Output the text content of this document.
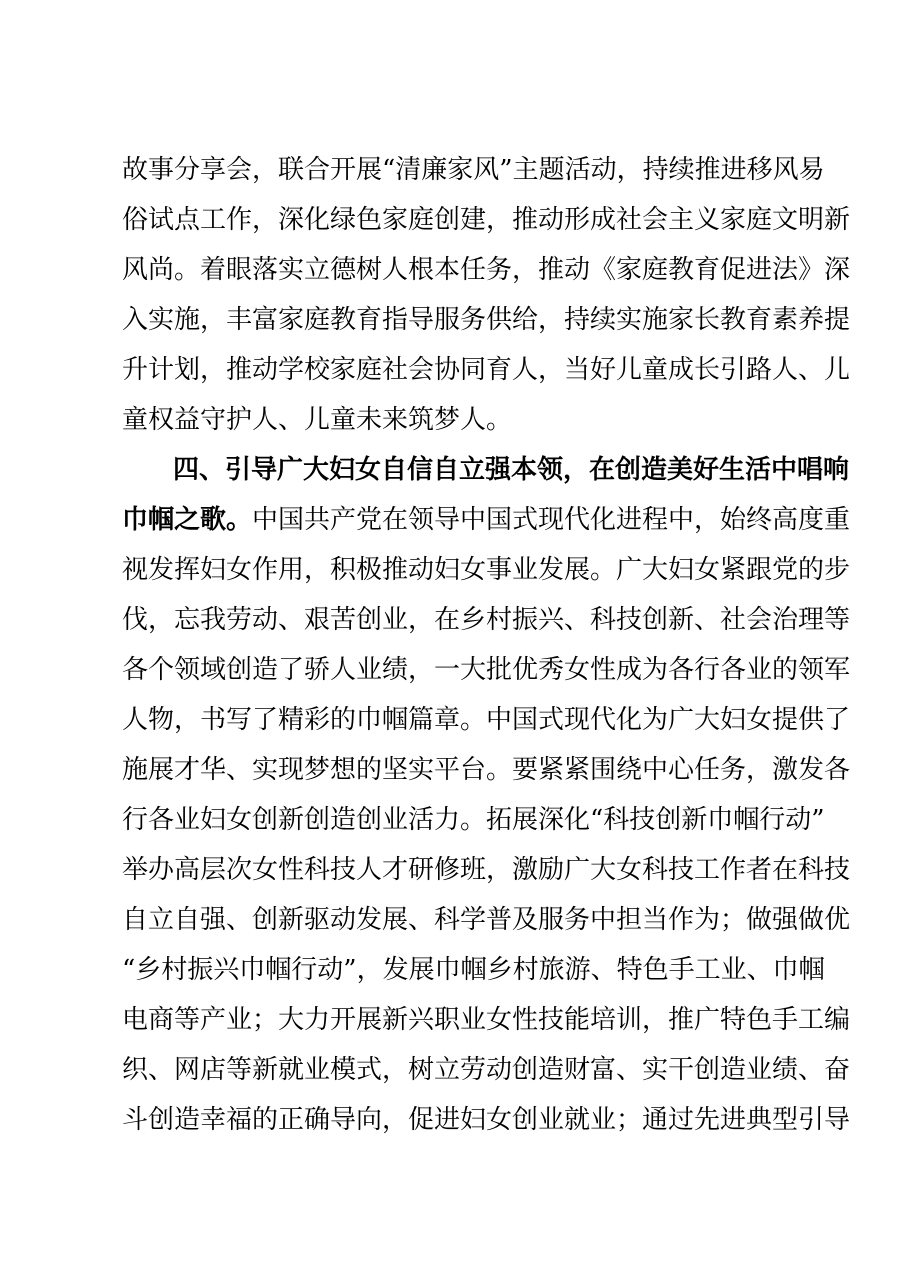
故事分享会，联合开展“清廉家风”主题活动，持续推进移风易
俗试点工作，深化绿色家庭创建，推动形成社会主义家庭文明新
风尚。着眼落实立德树人根本任务，推动《家庭教育促进法》深
入实施，丰富家庭教育指导服务供给，持续实施家长教育素养提
升计划，推动学校家庭社会协同育人，当好儿童成长引路人、儿
童权益守护人、儿童未来筑梦人。
四、引导广大妇女自信自立强本领，在创造美好生活中唱响
巾帼之歌。中国共产党在领导中国式现代化进程中，始终高度重
视发挥妇女作用，积极推动妇女事业发展。广大妇女紧跟党的步
伐，忘我劳动、艰苦创业，在乡村振兴、科技创新、社会治理等
各个领域创造了骄人业绩，一大批优秀女性成为各行各业的领军
人物，书写了精彩的巾帼篇章。中国式现代化为广大妇女提供了
施展才华、实现梦想的坚实平台。要紧紧围绕中心任务，激发各
行各业妇女创新创造创业活力。拓展深化“科技创新巾帼行动”
举办高层次女性科技人才研修班，激励广大女科技工作者在科技
自立自强、创新驱动发展、科学普及服务中担当作为；做强做优
“乡村振兴巾帼行动”，发展巾帼乡村旅游、特色手工业、巾帼
电商等产业；大力开展新兴职业女性技能培训，推广特色手工编
织、网店等新就业模式，树立劳动创造财富、实干创造业绩、奋
斗创造幸福的正确导向，促进妇女创业就业；通过先进典型引导
